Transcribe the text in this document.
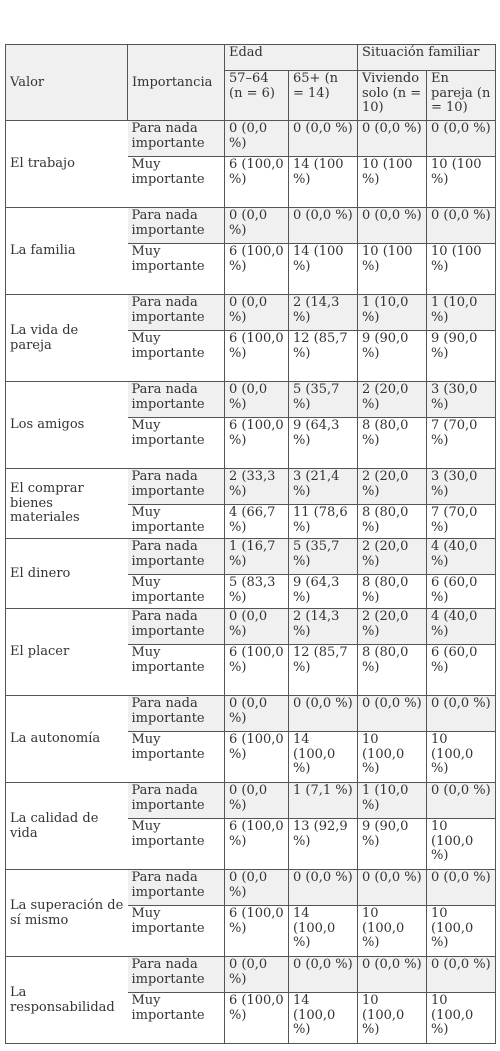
Valor	Importancia	Edad		Situación familiar	
		57–64 (n = 6)	65+ (n = 14)	Viviendo solo (n = 10)	En pareja (n = 10)
El trabajo	Para nada importante	0 (0,0 %)	0 (0,0 %)	0 (0,0 %)	0 (0,0 %)
	Muy importante	6 (100,0 %)	14 (100 %)	10 (100 %)	10 (100 %)
La familia	Para nada importante	0 (0,0 %)	0 (0,0 %)	0 (0,0 %)	0 (0,0 %)
	Muy importante	6 (100,0 %)	14 (100 %)	10 (100 %)	10 (100 %)
La vida de pareja	Para nada importante	0 (0,0 %)	2 (14,3 %)	1 (10,0 %)	1 (10,0 %)
	Muy importante	6 (100,0 %)	12 (85,7 %)	9 (90,0 %)	9 (90,0 %)
Los amigos	Para nada importante	0 (0,0 %)	5 (35,7 %)	2 (20,0 %)	3 (30,0 %)
	Muy importante	6 (100,0 %)	9 (64,3 %)	8 (80,0 %)	7 (70,0 %)
El comprar bienes materiales	Para nada importante	2 (33,3 %)	3 (21,4 %)	2 (20,0 %)	3 (30,0 %)
	Muy importante	4 (66,7 %)	11 (78,6 %)	8 (80,0 %)	7 (70,0 %)
El dinero	Para nada importante	1 (16,7 %)	5 (35,7 %)	2 (20,0 %)	4 (40,0 %)
	Muy importante	5 (83,3 %)	9 (64,3 %)	8 (80,0 %)	6 (60,0 %)
El placer	Para nada importante	0 (0,0 %)	2 (14,3 %)	2 (20,0 %)	4 (40,0 %)
	Muy importante	6 (100,0 %)	12 (85,7 %)	8 (80,0 %)	6 (60,0 %)
La autonomía	Para nada importante	0 (0,0 %)	0 (0,0 %)	0 (0,0 %)	0 (0,0 %)
	Muy importante	6 (100,0 %)	14 (100,0 %)	10 (100,0 %)	10 (100,0 %)
La calidad de vida	Para nada importante	0 (0,0 %)	1 (7,1 %)	1 (10,0 %)	0 (0,0 %)
	Muy importante	6 (100,0 %)	13 (92,9 %)	9 (90,0 %)	10 (100,0 %)
La superación de sí mismo	Para nada importante	0 (0,0 %)	0 (0,0 %)	0 (0,0 %)	0 (0,0 %)
	Muy importante	6 (100,0 %)	14 (100,0 %)	10 (100,0 %)	10 (100,0 %)
La responsabilidad	Para nada importante	0 (0,0 %)	0 (0,0 %)	0 (0,0 %)	0 (0,0 %)
	Muy importante	6 (100,0 %)	14 (100,0 %)	10 (100,0 %)	10 (100,0 %)
